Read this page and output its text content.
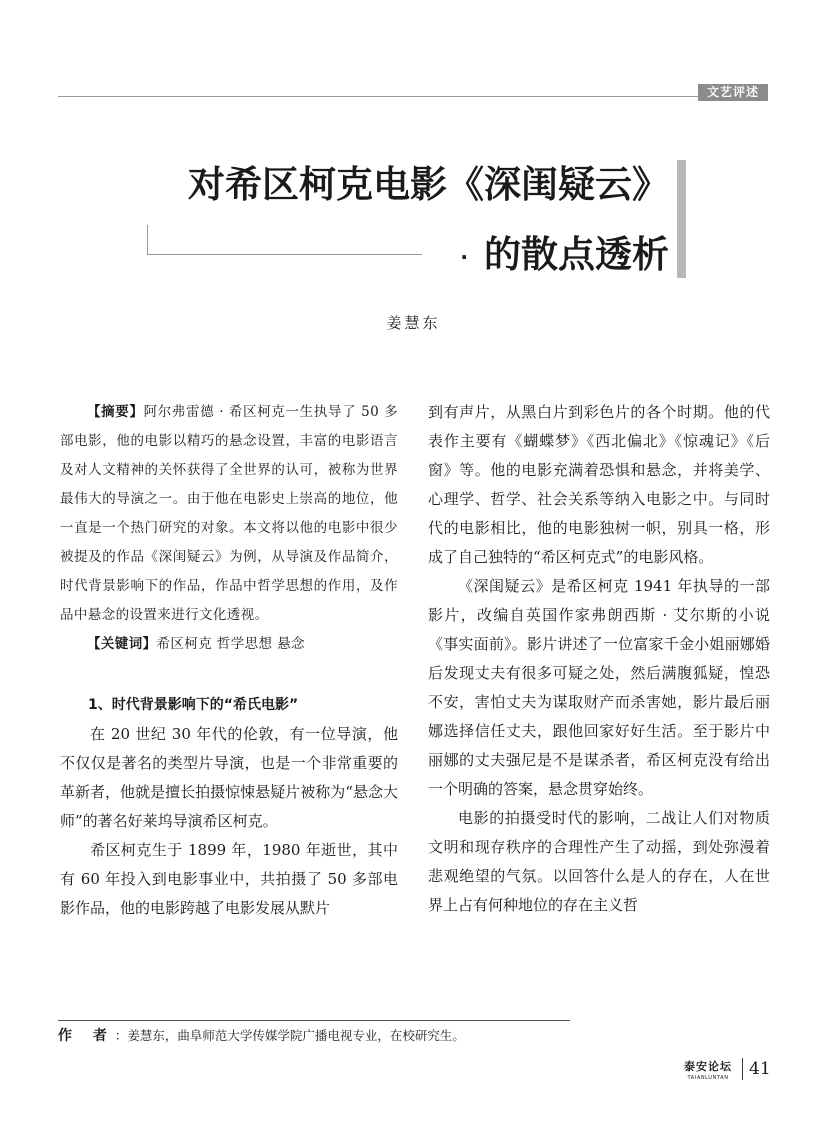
文艺评述
对希区柯克电影《深闺疑云》
· 的散点透析
姜慧东

【摘要】阿尔弗雷德 · 希区柯克一生执导了 50 多部电影，他的电影以精巧的悬念设置，丰富的电影语言及对人文精神的关怀获得了全世界的认可，被称为世界最伟大的导演之一。由于他在电影史上崇高的地位，他一直是一个热门研究的对象。本文将以他的电影中很少被提及的作品《深闺疑云》为例，从导演及作品简介，时代背景影响下的作品，作品中哲学思想的作用，及作品中悬念的设置来进行文化透视。

【关键词】希区柯克 哲学思想 悬念

1、时代背景影响下的“希氏电影”

在 20 世纪 30 年代的伦敦，有一位导演，他不仅仅是著名的类型片导演，也是一个非常重要的革新者，他就是擅长拍摄惊悚悬疑片被称为“悬念大师”的著名好莱坞导演希区柯克。

希区柯克生于 1899 年，1980 年逝世，其中有 60 年投入到电影事业中，共拍摄了 50 多部电影作品，他的电影跨越了电影发展从默片

到有声片，从黑白片到彩色片的各个时期。他的代表作主要有《蝴蝶梦》《西北偏北》《惊魂记》《后窗》等。他的电影充满着恐惧和悬念，并将美学、心理学、哲学、社会关系等纳入电影之中。与同时代的电影相比，他的电影独树一帜，别具一格，形成了自己独特的“希区柯克式”的电影风格。

《深闺疑云》是希区柯克 1941 年执导的一部影片，改编自英国作家弗朗西斯 · 艾尔斯的小说《事实面前》。影片讲述了一位富家千金小姐丽娜婚后发现丈夫有很多可疑之处，然后满腹狐疑，惶恐不安，害怕丈夫为谋取财产而杀害她，影片最后丽娜选择信任丈夫，跟他回家好好生活。至于影片中丽娜的丈夫强尼是不是谋杀者，希区柯克没有给出一个明确的答案，悬念贯穿始终。

电影的拍摄受时代的影响，二战让人们对物质文明和现存秩序的合理性产生了动摇，到处弥漫着悲观绝望的气氛。以回答什么是人的存在，人在世界上占有何种地位的存在主义哲

作 者：姜慧东，曲阜师范大学传媒学院广播电视专业，在校研究生。
泰安论坛
TAIANLUNTAN	41
